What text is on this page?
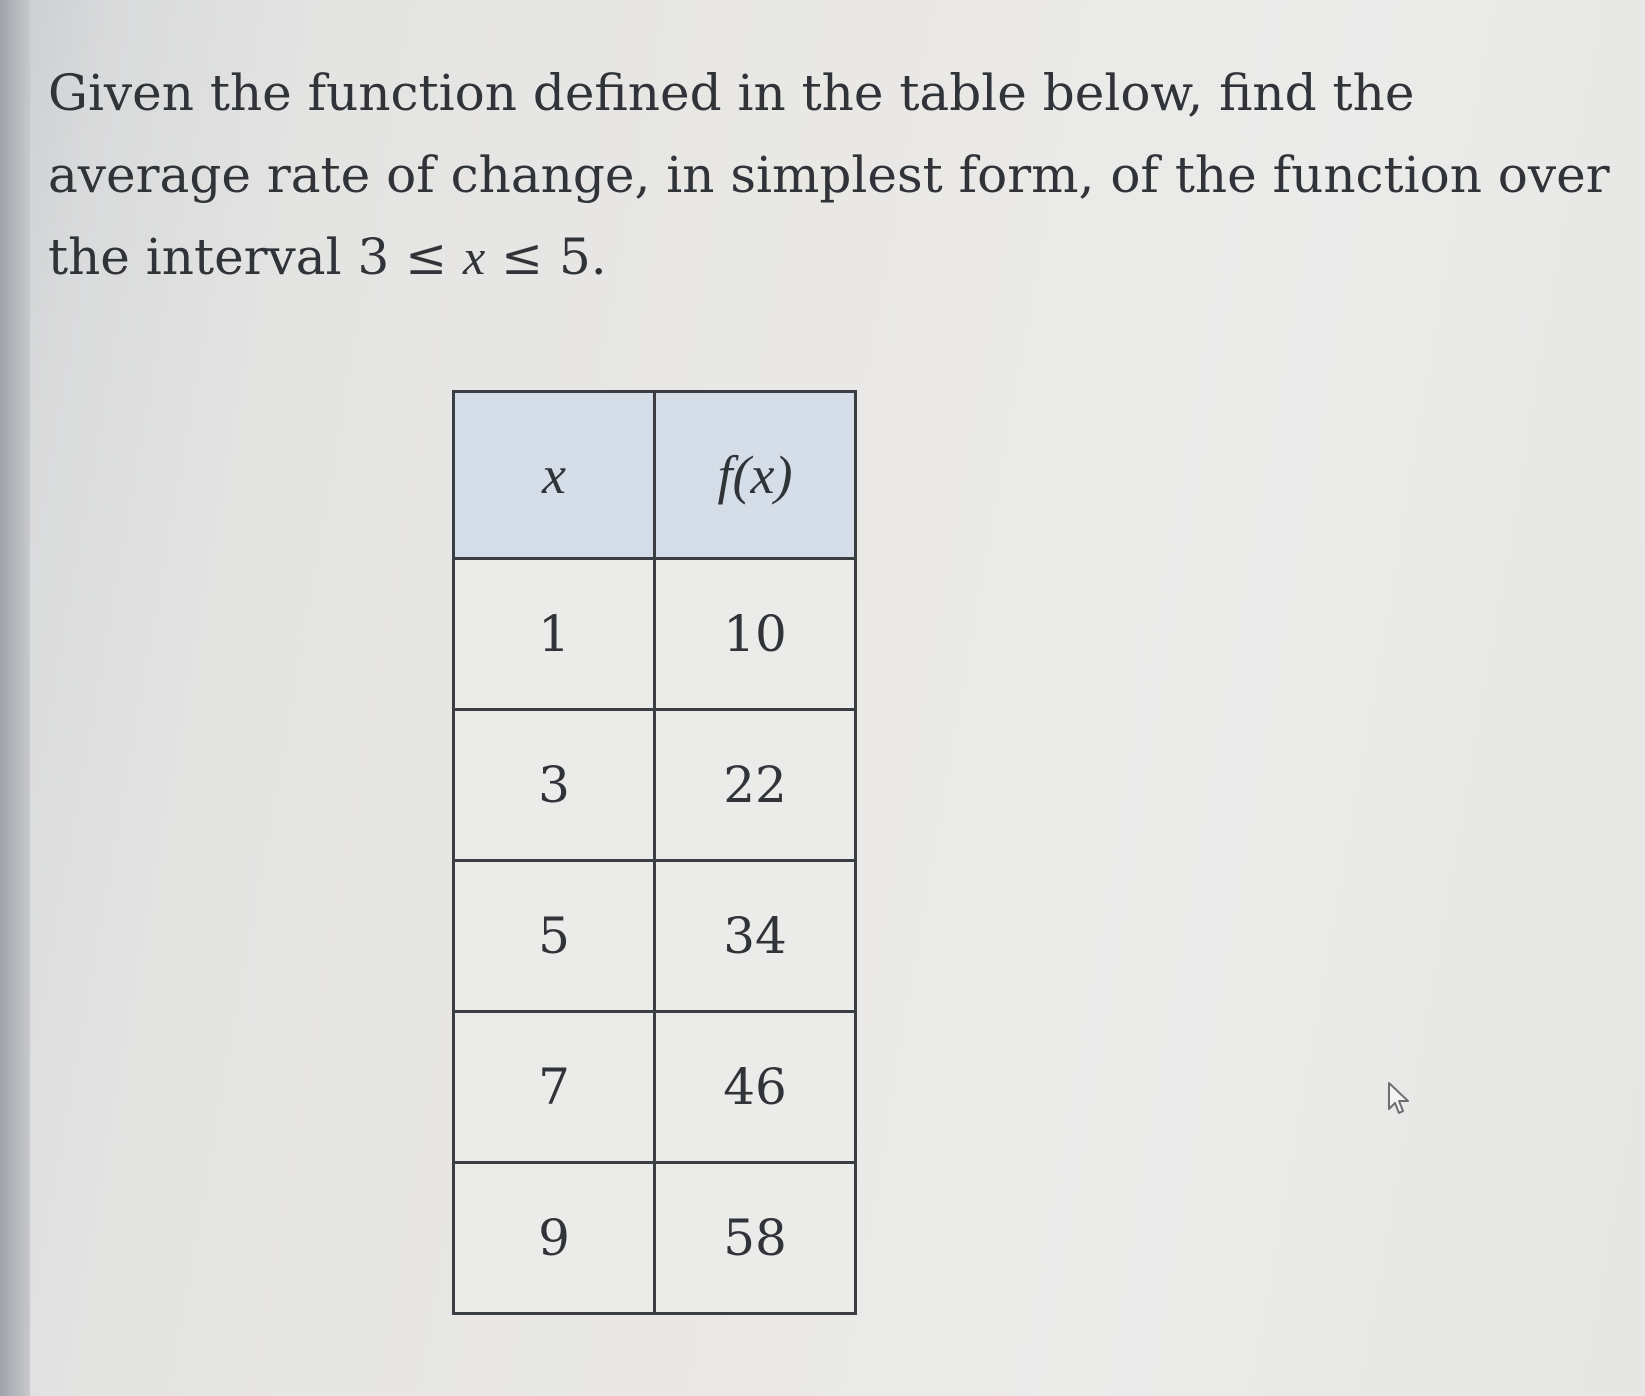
Given the function defined in the table below, find the
average rate of change, in simplest form, of the function over
the interval 3 ≤ x ≤ 5.
x	f(x)
1	10
3	22
5	34
7	46
9	58
